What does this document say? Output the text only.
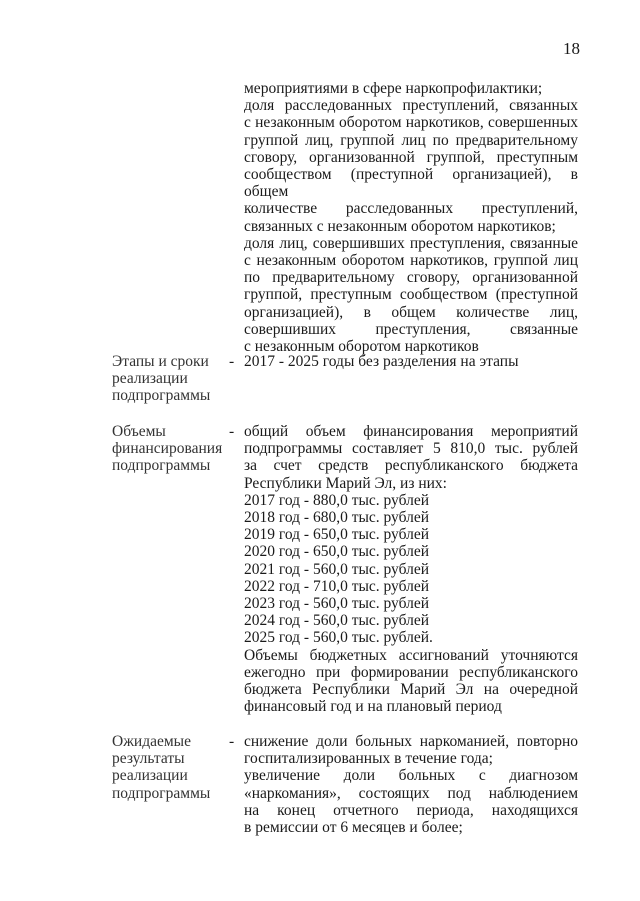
18
мероприятиями в сфере наркопрофилактики;
доля расследованных преступлений, связанных
с незаконным оборотом наркотиков, совершенных
группой лиц, группой лиц по предварительному
сговору, организованной группой, преступным
сообществом (преступной организацией), в общем
количестве расследованных преступлений,
связанных с незаконным оборотом наркотиков;
доля лиц, совершивших преступления, связанные
с незаконным оборотом наркотиков, группой лиц
по предварительному сговору, организованной
группой, преступным сообществом (преступной
организацией), в общем количестве лиц,
совершивших преступления, связанные
с незаконным оборотом наркотиков
Этапы и сроки
реализации
подпрограммы
- 2017 - 2025 годы без разделения на этапы
Объемы
финансирования
подпрограммы
- общий объем финансирования мероприятий
подпрограммы составляет 5 810,0 тыс. рублей
за счет средств республиканского бюджета
Республики Марий Эл, из них:
2017 год - 880,0 тыс. рублей
2018 год - 680,0 тыс. рублей
2019 год - 650,0 тыс. рублей
2020 год - 650,0 тыс. рублей
2021 год - 560,0 тыс. рублей
2022 год - 710,0 тыс. рублей
2023 год - 560,0 тыс. рублей
2024 год - 560,0 тыс. рублей
2025 год - 560,0 тыс. рублей.
Объемы бюджетных ассигнований уточняются
ежегодно при формировании республиканского
бюджета Республики Марий Эл на очередной
финансовый год и на плановый период
Ожидаемые
результаты
реализации
подпрограммы
- снижение доли больных наркоманией, повторно
госпитализированных в течение года;
увеличение доли больных с диагнозом
«наркомания», состоящих под наблюдением
на конец отчетного периода, находящихся
в ремиссии от 6 месяцев и более;
